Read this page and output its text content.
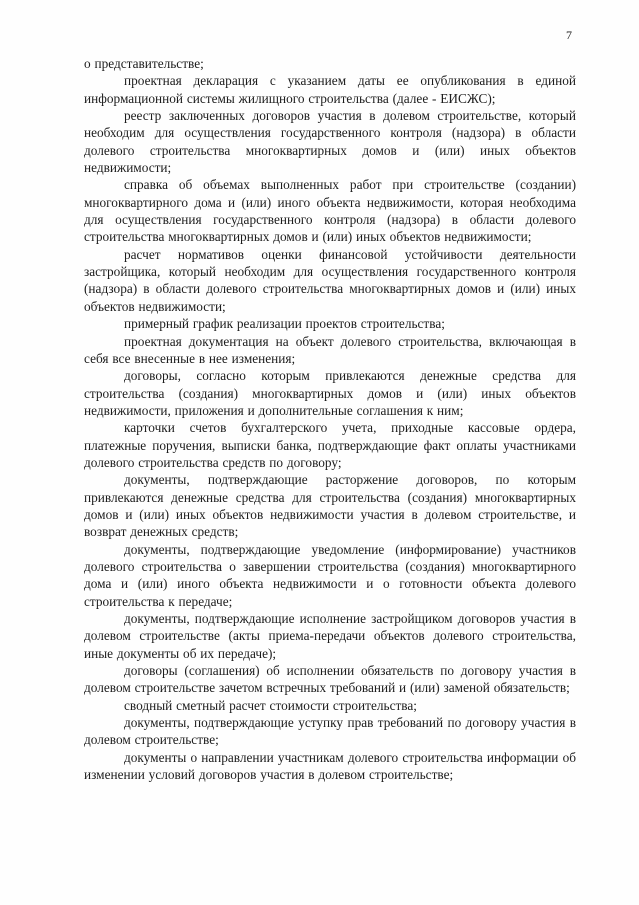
7

о представительстве;

проектная декларация с указанием даты ее опубликования в единой информационной системы жилищного строительства (далее - ЕИСЖС);

реестр заключенных договоров участия в долевом строительстве, который необходим для осуществления государственного контроля (надзора) в области долевого строительства многоквартирных домов и (или) иных объектов недвижимости;

справка об объемах выполненных работ при строительстве (создании) многоквартирного дома и (или) иного объекта недвижимости, которая необходима для осуществления государственного контроля (надзора) в области долевого строительства многоквартирных домов и (или) иных объектов недвижимости;

расчет нормативов оценки финансовой устойчивости деятельности застройщика, который необходим для осуществления государственного контроля (надзора) в области долевого строительства многоквартирных домов и (или) иных объектов недвижимости;

примерный график реализации проектов строительства;

проектная документация на объект долевого строительства, включающая в себя все внесенные в нее изменения;

договоры, согласно которым привлекаются денежные средства для строительства (создания) многоквартирных домов и (или) иных объектов недвижимости, приложения и дополнительные соглашения к ним;

карточки счетов бухгалтерского учета, приходные кассовые ордера, платежные поручения, выписки банка, подтверждающие факт оплаты участниками долевого строительства средств по договору;

документы, подтверждающие расторжение договоров, по которым привлекаются денежные средства для строительства (создания) многоквартирных домов и (или) иных объектов недвижимости участия в долевом строительстве, и возврат денежных средств;

документы, подтверждающие уведомление (информирование) участников долевого строительства о завершении строительства (создания) многоквартирного дома и (или) иного объекта недвижимости и о готовности объекта долевого строительства к передаче;

документы, подтверждающие исполнение застройщиком договоров участия в долевом строительстве (акты приема-передачи объектов долевого строительства, иные документы об их передаче);

договоры (соглашения) об исполнении обязательств по договору участия в долевом строительстве зачетом встречных требований и (или) заменой обязательств;

сводный сметный расчет стоимости строительства;

документы, подтверждающие уступку прав требований по договору участия в долевом строительстве;

документы о направлении участникам долевого строительства информации об изменении условий договоров участия в долевом строительстве;
